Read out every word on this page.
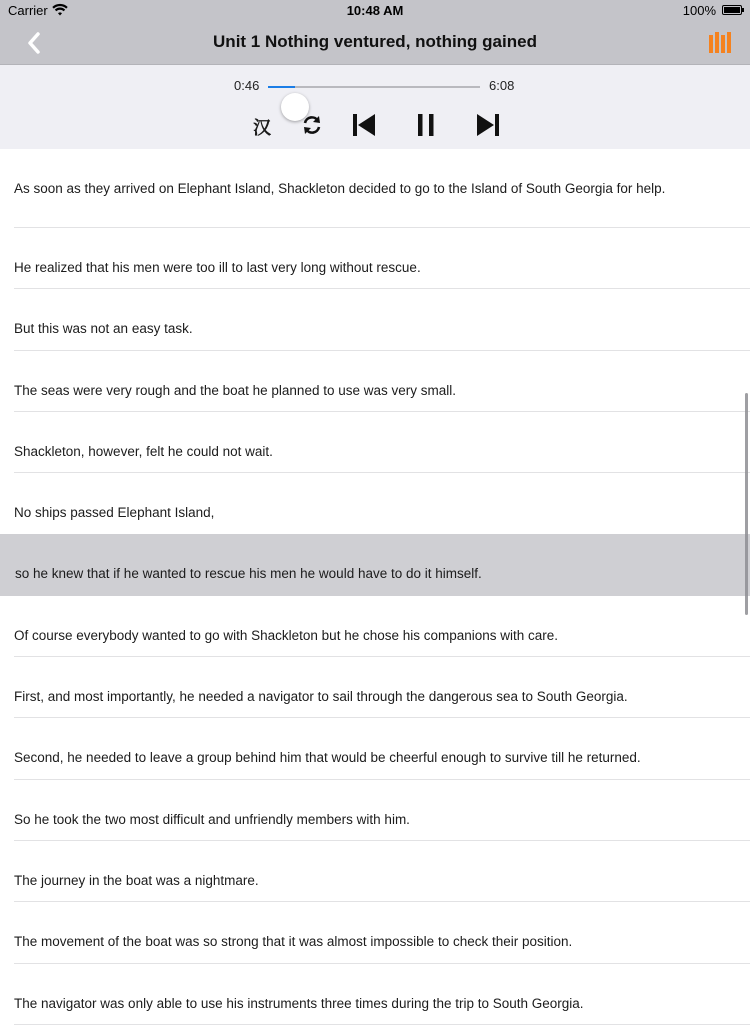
Carrier	10:48 AM	100%
Unit 1 Nothing ventured, nothing gained
0:46	6:08
汉
As soon as they arrived on Elephant Island, Shackleton decided to go to the Island of South Georgia for help.
He realized that his men were too ill to last very long without rescue.
But this was not an easy task.
The seas were very rough and the boat he planned to use was very small.
Shackleton, however, felt he could not wait.
No ships passed Elephant Island,
so he knew that if he wanted to rescue his men he would have to do it himself.
Of course everybody wanted to go with Shackleton but he chose his companions with care.
First, and most importantly, he needed a navigator to sail through the dangerous sea to South Georgia.
Second, he needed to leave a group behind him that would be cheerful enough to survive till he returned.
So he took the two most difficult and unfriendly members with him.
The journey in the boat was a nightmare.
The movement of the boat was so strong that it was almost impossible to check their position.
The navigator was only able to use his instruments three times during the trip to South Georgia.
